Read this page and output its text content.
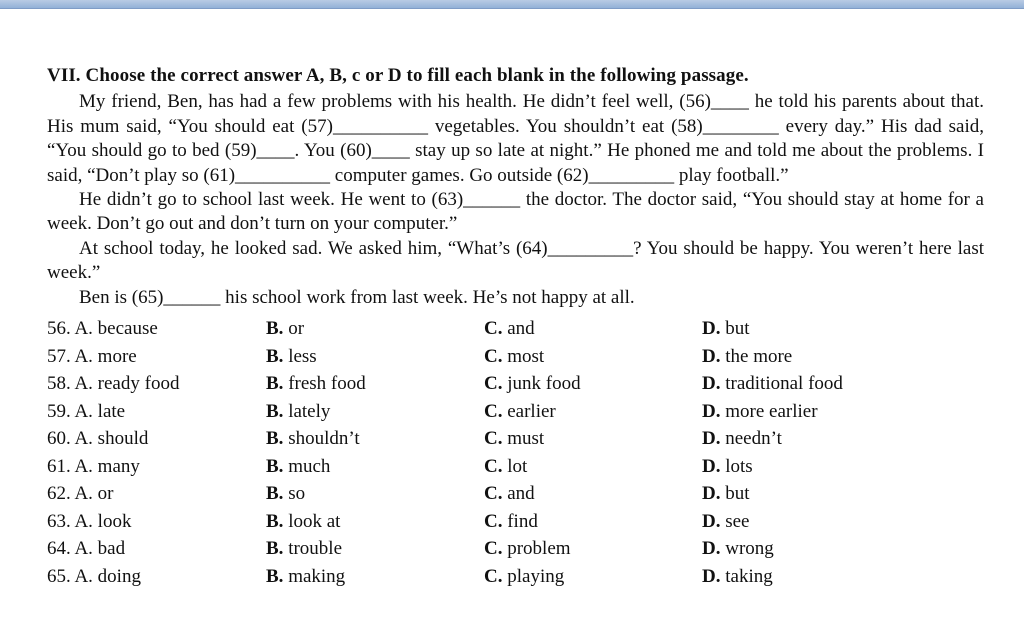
VII. Choose the correct answer A, B, c or D to fill each blank in the following passage.

My friend, Ben, has had a few problems with his health. He didn’t feel well, (56)____ he told his parents about that. His mum said, “You should eat (57)__________ vegetables. You shouldn’t eat (58)________ every day.” His dad said, “You should go to bed (59)____. You (60)____ stay up so late at night.” He phoned me and told me about the problems. I said, “Don’t play so (61)__________ computer games. Go outside (62)_________ play football.”

He didn’t go to school last week. He went to (63)______ the doctor. The doctor said, “You should stay at home for a week. Don’t go out and don’t turn on your computer.”

At school today, he looked sad. We asked him, “What’s (64)_________? You should be happy. You weren’t here last week.”

Ben is (65)______ his school work from last week. He’s not happy at all.

56. A. because	B. or	C. and	D. but
57. A. more	B. less	C. most	D. the more
58. A. ready food	B. fresh food	C. junk food	D. traditional food
59. A. late	B. lately	C. earlier	D. more earlier
60. A. should	B. shouldn’t	C. must	D. needn’t
61. A. many	B. much	C. lot	D. lots
62. A. or	B. so	C. and	D. but
63. A. look	B. look at	C. find	D. see
64. A. bad	B. trouble	C. problem	D. wrong
65. A. doing	B. making	C. playing	D. taking
